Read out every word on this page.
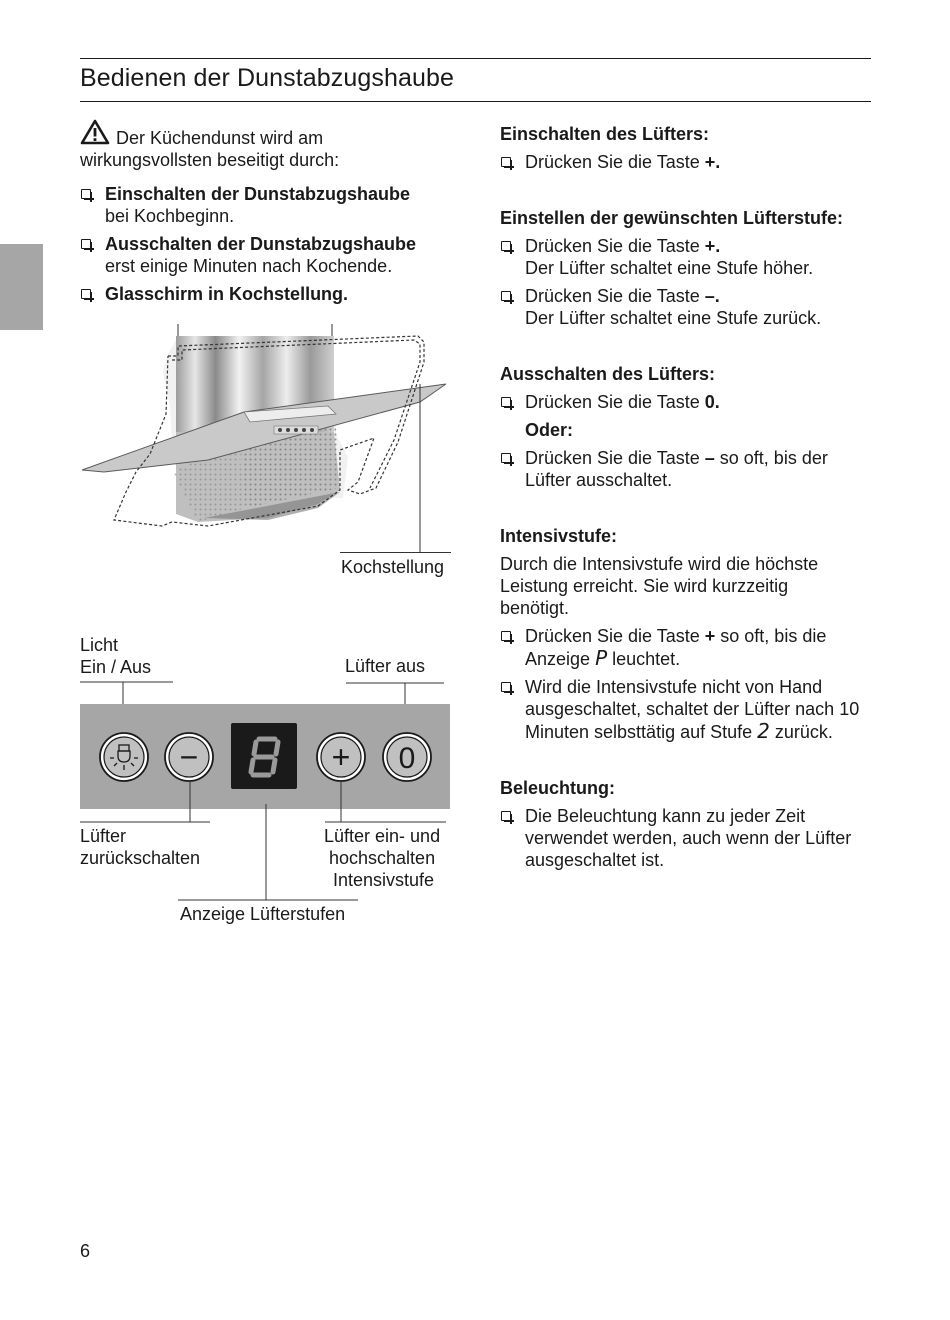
Bedienen der Dunstabzugshaube

Der Küchendunst wird am wirkungsvollsten beseitigt durch:

Einschalten der Dunstabzugshaube
bei Kochbeginn.
Ausschalten der Dunstabzugshaube
erst einige Minuten nach Kochende.
Glasschirm in Kochstellung.
Kochstellung
Licht
Ein / Aus	Lüfter aus
−	+ 0
Lüfter
zurückschalten
Lüfter ein- und
hochschalten
Intensivstufe
Anzeige Lüfterstufen

Einschalten des Lüfters:

Drücken Sie die Taste +.

Einstellen der gewünschten Lüfterstufe:

Drücken Sie die Taste +.
Der Lüfter schaltet eine Stufe höher.
Drücken Sie die Taste –.
Der Lüfter schaltet eine Stufe zurück.

Ausschalten des Lüfters:

Drücken Sie die Taste 0.

Oder:

Drücken Sie die Taste – so oft, bis der Lüfter ausschaltet.

Intensivstufe:

Durch die Intensivstufe wird die höchste Leistung erreicht. Sie wird kurzzeitig benötigt.

Drücken Sie die Taste + so oft, bis die Anzeige P leuchtet.
Wird die Intensivstufe nicht von Hand ausgeschaltet, schaltet der Lüfter nach 10 Minuten selbsttätig auf Stufe 2 zurück.

Beleuchtung:

Die Beleuchtung kann zu jeder Zeit verwendet werden, auch wenn der Lüfter ausgeschaltet ist.
6
